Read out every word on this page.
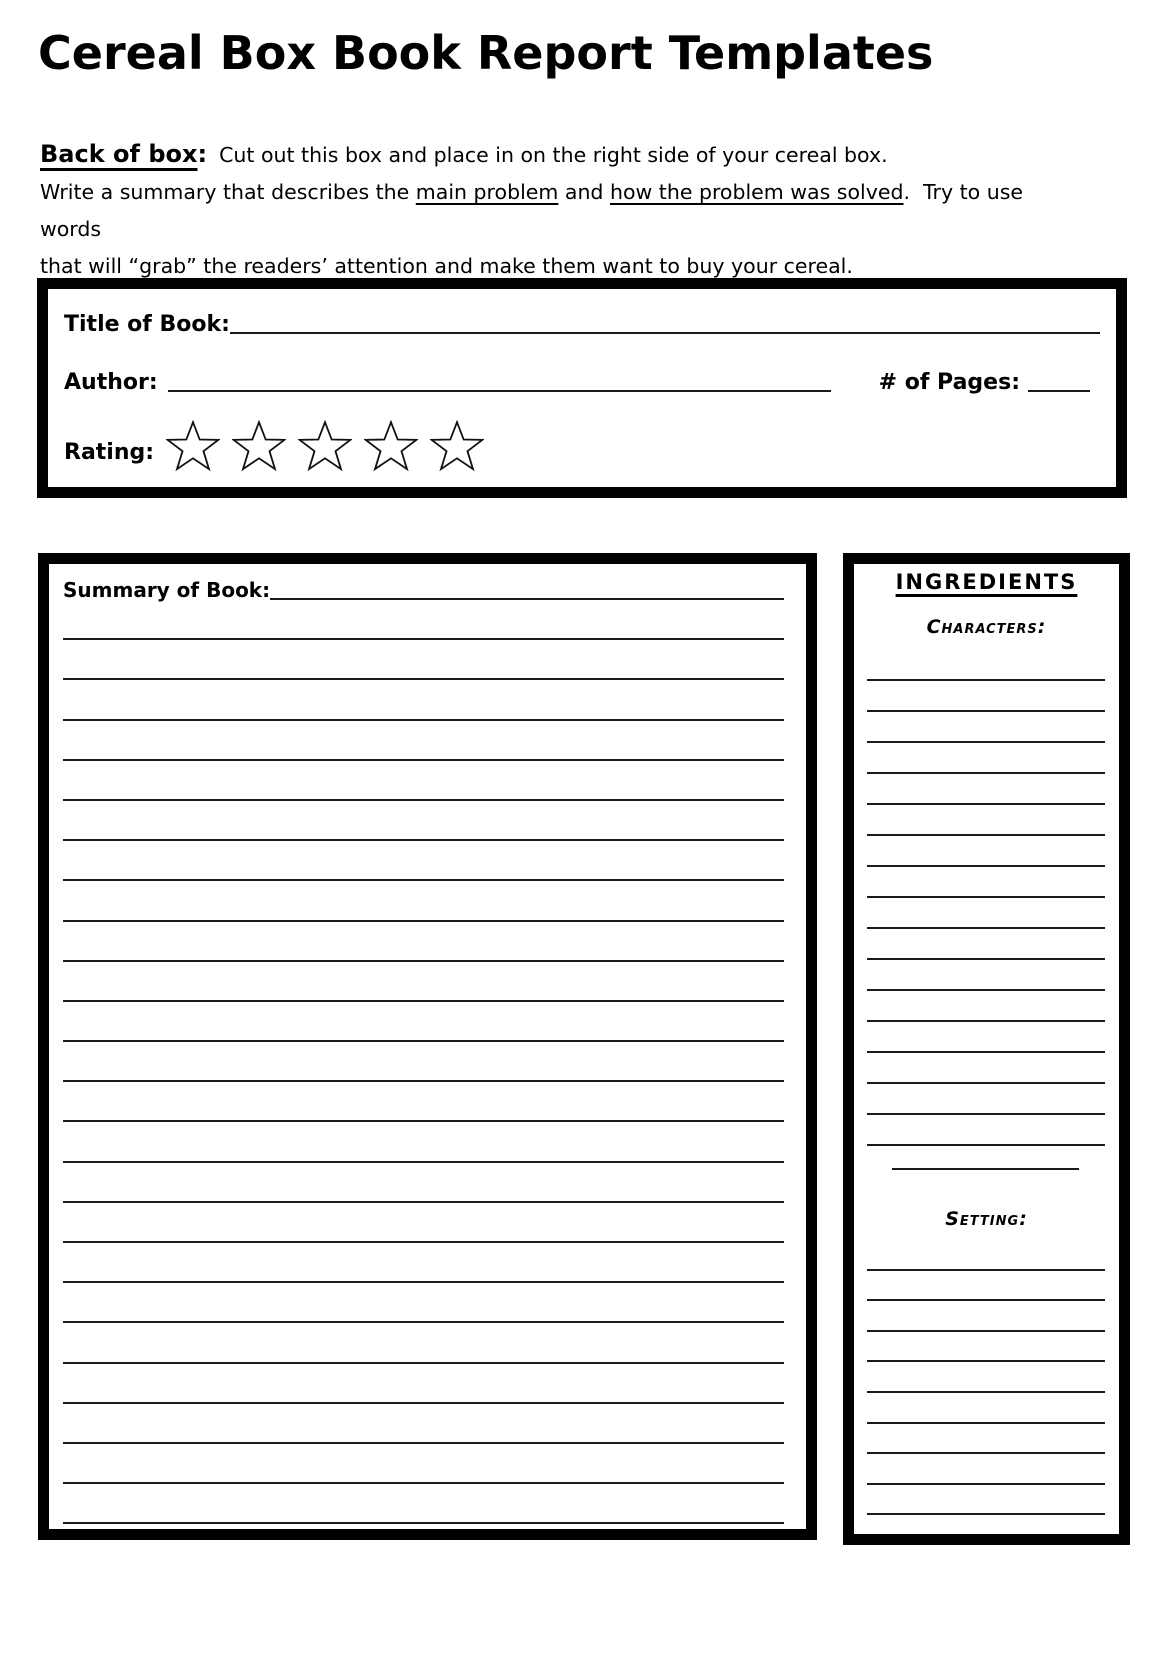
Cereal Box Book Report Templates
Back of box: Cut out this box and place in on the right side of your cereal box.
Write a summary that describes the main problem and how the problem was solved.  Try to use words
that will “grab” the readers’ attention and make them want to buy your cereal.
Title of Book:
Author:	# of Pages:
Rating:
Summary of Book:	INGREDIENTS
Characters:
Setting:
